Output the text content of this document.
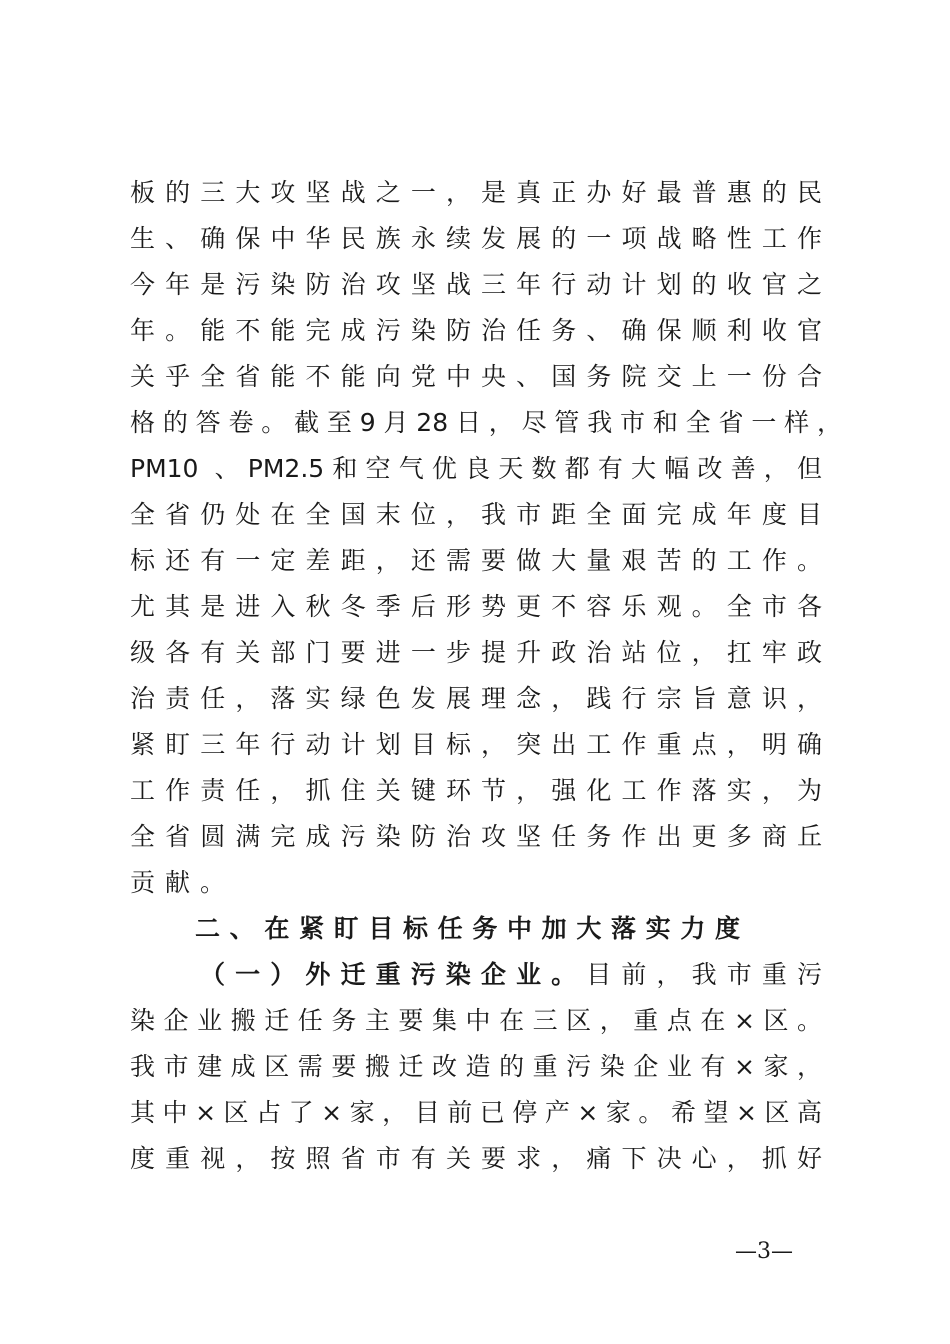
板的三大攻坚战之一，是真正办好最普惠的民
生、确保中华民族永续发展的一项战略性工作
今年是污染防治攻坚战三年行动计划的收官之
年。能不能完成污染防治任务、确保顺利收官
关乎全省能不能向党中央、国务院交上一份合
格的答卷。截至9月28日，尽管我市和全省一样，
PM10 、PM2.5和空气优良天数都有大幅改善，但
全省仍处在全国末位，我市距全面完成年度目
标还有一定差距，还需要做大量艰苦的工作。
尤其是进入秋冬季后形势更不容乐观。全市各
级各有关部门要进一步提升政治站位，扛牢政
治责任，落实绿色发展理念，践行宗旨意识，
紧盯三年行动计划目标，突出工作重点，明确
工作责任，抓住关键环节，强化工作落实，为
全省圆满完成污染防治攻坚任务作出更多商丘
贡献。
二、在紧盯目标任务中加大落实力度
（一）外迁重污染企业。目前，我市重污
染企业搬迁任务主要集中在三区，重点在×区。
我市建成区需要搬迁改造的重污染企业有×家，
其中×区占了×家，目前已停产×家。希望×区高
度重视，按照省市有关要求，痛下决心，抓好
—3—
